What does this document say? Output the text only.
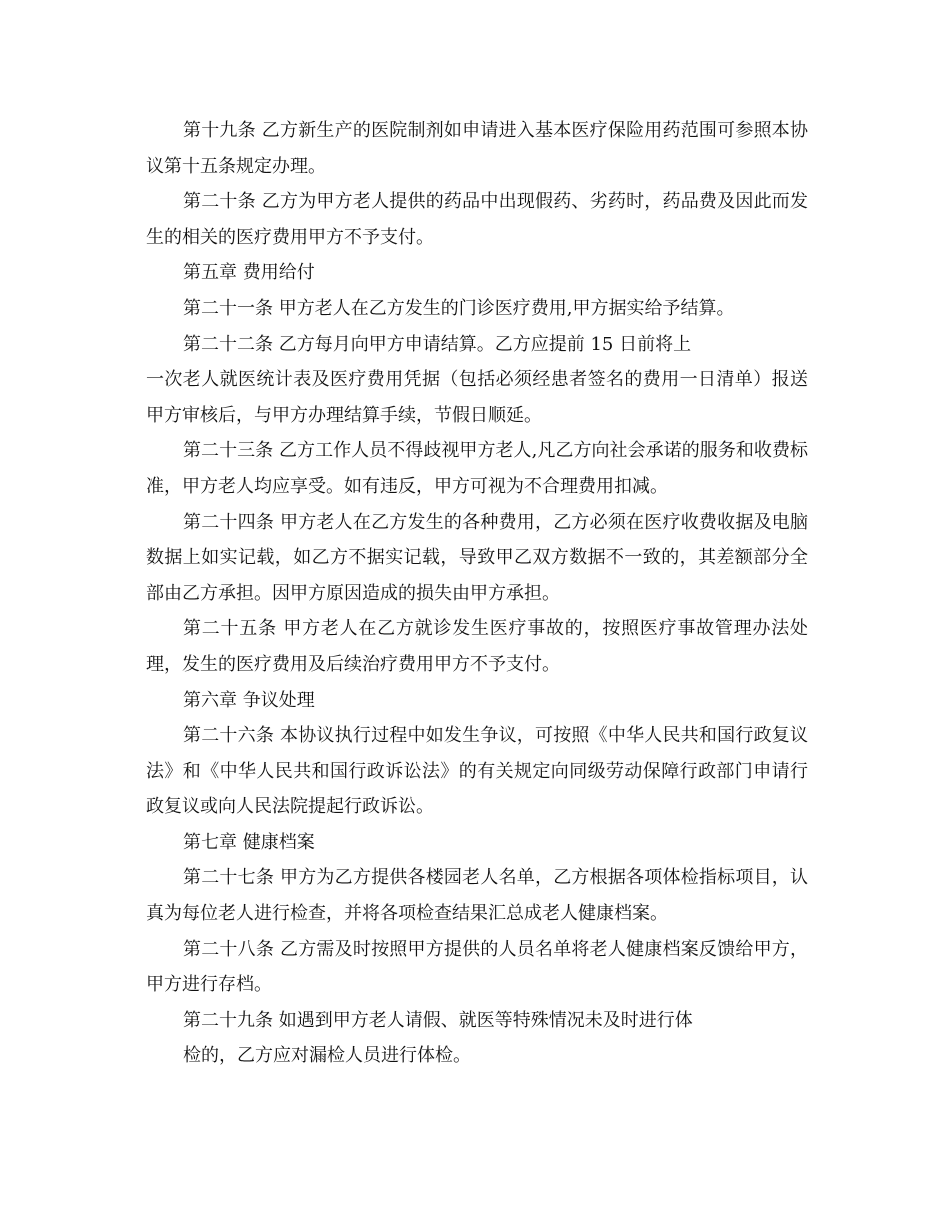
第十九条 乙方新生产的医院制剂如申请进入基本医疗保险用药范围可参照本协议第十五条规定办理。

第二十条 乙方为甲方老人提供的药品中出现假药、劣药时，药品费及因此而发生的相关的医疗费用甲方不予支付。

第五章 费用给付

第二十一条 甲方老人在乙方发生的门诊医疗费用,甲方据实给予结算。

第二十二条 乙方每月向甲方申请结算。乙方应提前 15 日前将上

一次老人就医统计表及医疗费用凭据（包括必须经患者签名的费用一日清单）报送甲方审核后，与甲方办理结算手续，节假日顺延。

第二十三条 乙方工作人员不得歧视甲方老人,凡乙方向社会承诺的服务和收费标准，甲方老人均应享受。如有违反，甲方可视为不合理费用扣减。

第二十四条 甲方老人在乙方发生的各种费用，乙方必须在医疗收费收据及电脑数据上如实记载，如乙方不据实记载，导致甲乙双方数据不一致的，其差额部分全部由乙方承担。因甲方原因造成的损失由甲方承担。

第二十五条 甲方老人在乙方就诊发生医疗事故的，按照医疗事故管理办法处理，发生的医疗费用及后续治疗费用甲方不予支付。

第六章 争议处理

第二十六条 本协议执行过程中如发生争议，可按照《中华人民共和国行政复议法》和《中华人民共和国行政诉讼法》的有关规定向同级劳动保障行政部门申请行政复议或向人民法院提起行政诉讼。

第七章 健康档案

第二十七条 甲方为乙方提供各楼园老人名单，乙方根据各项体检指标项目，认真为每位老人进行检查，并将各项检查结果汇总成老人健康档案。

第二十八条 乙方需及时按照甲方提供的人员名单将老人健康档案反馈给甲方，甲方进行存档。

第二十九条 如遇到甲方老人请假、就医等特殊情况未及时进行体

检的，乙方应对漏检人员进行体检。
